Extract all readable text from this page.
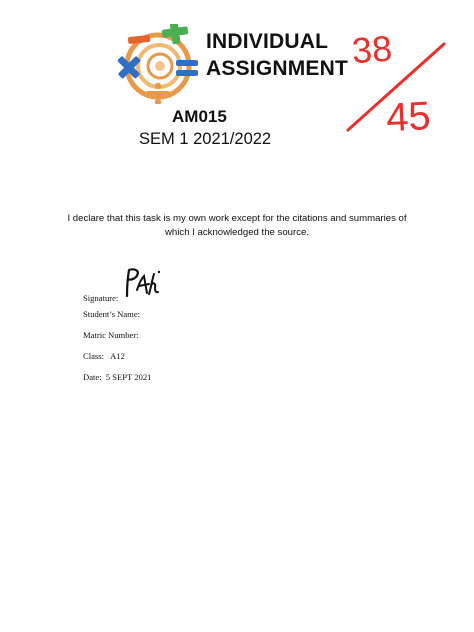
INDIVIDUAL
ASSIGNMENT 38
45
AM015
SEM 1 2021/2022
I declare that this task is my own work except for the citations and summaries of
which I acknowledged the source.
Signature:
Student’s Name:
Matric Number:
Class: A12
Date: 5 SEPT 2021
